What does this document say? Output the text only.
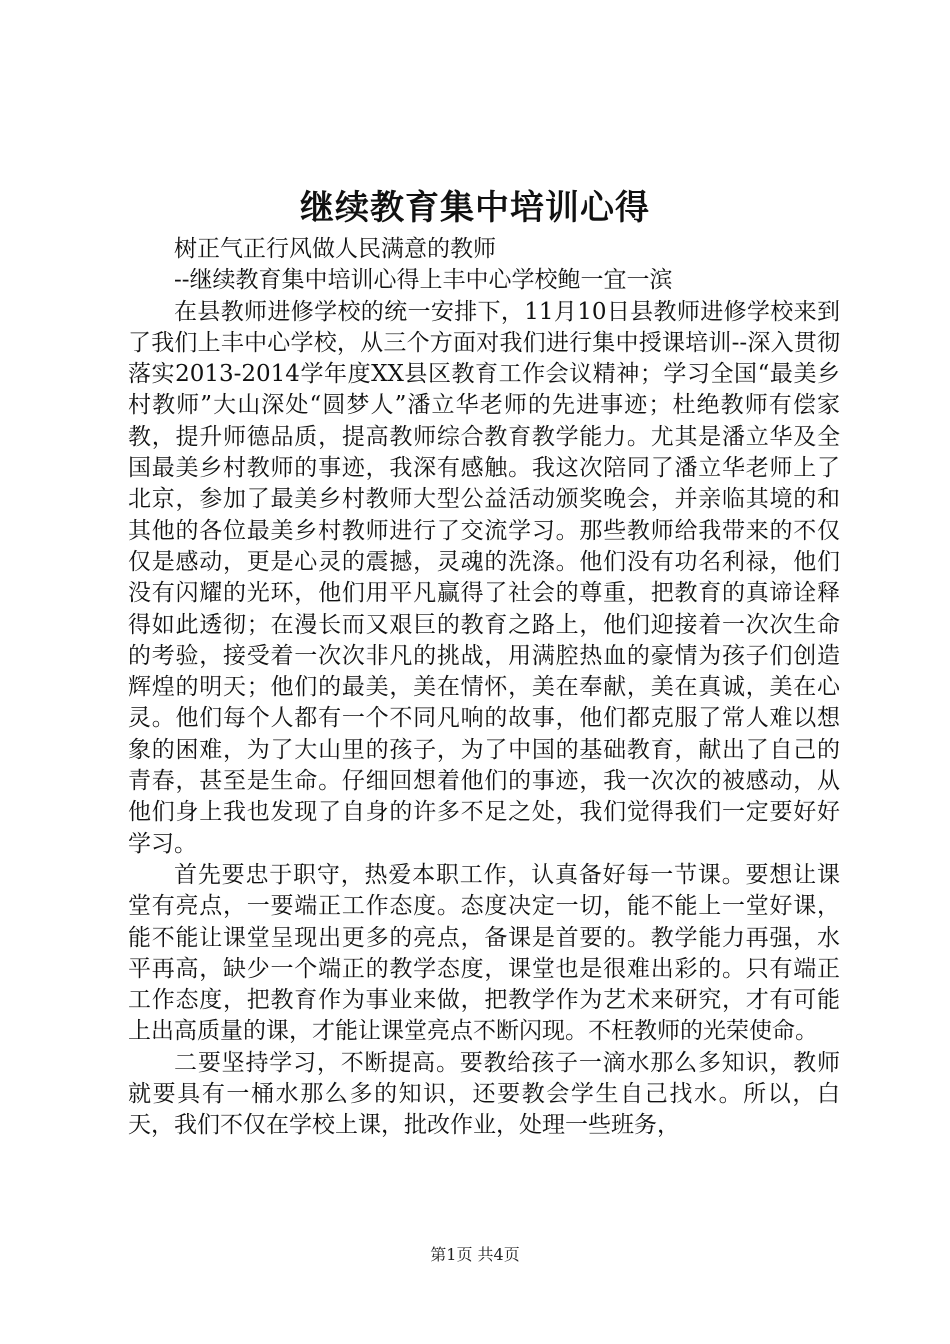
继续教育集中培训心得

树正气正行风做人民满意的教师

--继续教育集中培训心得上丰中心学校鲍一宜一滨

在县教师进修学校的统一安排下，11月10日县教师进修学校来到了我们上丰中心学校，从三个方面对我们进行集中授课培训--深入贯彻落实2013-2014学年度XX县区教育工作会议精神；学习全国“最美乡村教师”大山深处“圆梦人”潘立华老师的先进事迹；杜绝教师有偿家教，提升师德品质，提高教师综合教育教学能力。尤其是潘立华及全国最美乡村教师的事迹，我深有感触。我这次陪同了潘立华老师上了北京，参加了最美乡村教师大型公益活动颁奖晚会，并亲临其境的和其他的各位最美乡村教师进行了交流学习。那些教师给我带来的不仅仅是感动，更是心灵的震撼，灵魂的洗涤。他们没有功名利禄，他们没有闪耀的光环，他们用平凡赢得了社会的尊重，把教育的真谛诠释得如此透彻；在漫长而又艰巨的教育之路上，他们迎接着一次次生命的考验，接受着一次次非凡的挑战，用满腔热血的豪情为孩子们创造辉煌的明天；他们的最美，美在情怀，美在奉献，美在真诚，美在心灵。他们每个人都有一个不同凡响的故事，他们都克服了常人难以想象的困难，为了大山里的孩子，为了中国的基础教育，献出了自己的青春，甚至是生命。仔细回想着他们的事迹，我一次次的被感动，从他们身上我也发现了自身的许多不足之处，我们觉得我们一定要好好学习。

首先要忠于职守，热爱本职工作，认真备好每一节课。要想让课堂有亮点，一要端正工作态度。态度决定一切，能不能上一堂好课，能不能让课堂呈现出更多的亮点，备课是首要的。教学能力再强，水平再高，缺少一个端正的教学态度，课堂也是很难出彩的。只有端正工作态度，把教育作为事业来做，把教学作为艺术来研究，才有可能上出高质量的课，才能让课堂亮点不断闪现。不枉教师的光荣使命。

二要坚持学习，不断提高。要教给孩子一滴水那么多知识，教师就要具有一桶水那么多的知识，还要教会学生自己找水。所以，白天，我们不仅在学校上课，批改作业，处理一些班务，

第1页 共4页
